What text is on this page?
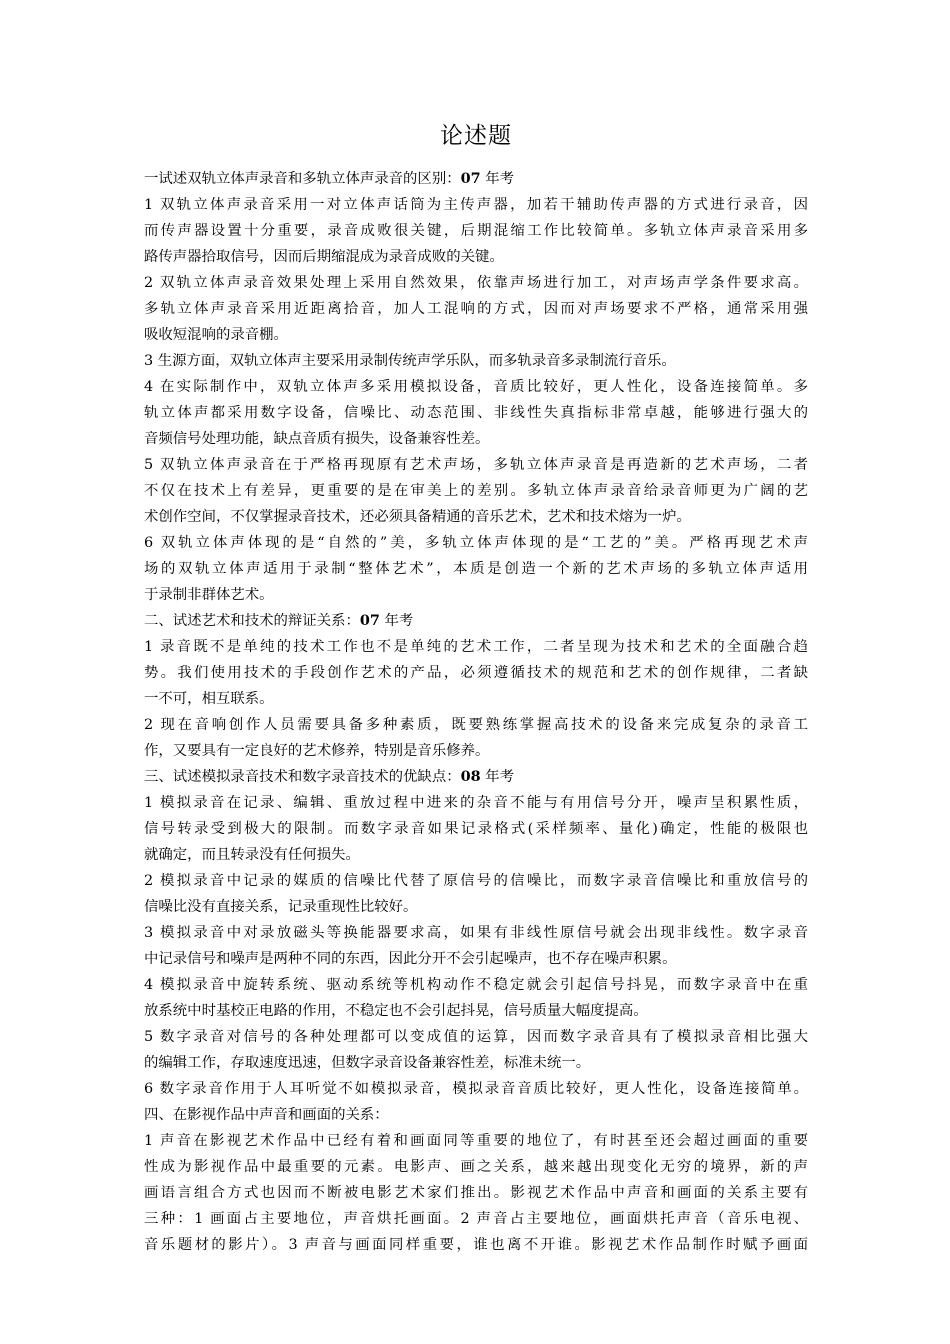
论述题
一试述双轨立体声录音和多轨立体声录音的区别：07 年考
1 双轨立体声录音采用一对立体声话筒为主传声器，加若干辅助传声器的方式进行录音，因
而传声器设置十分重要，录音成败很关键，后期混缩工作比较简单。多轨立体声录音采用多
路传声器拾取信号，因而后期缩混成为录音成败的关键。
2 双轨立体声录音效果处理上采用自然效果，依靠声场进行加工，对声场声学条件要求高。
多轨立体声录音采用近距离拾音，加人工混响的方式，因而对声场要求不严格，通常采用强
吸收短混响的录音棚。
3 生源方面，双轨立体声主要采用录制传统声学乐队，而多轨录音多录制流行音乐。
4 在实际制作中，双轨立体声多采用模拟设备，音质比较好，更人性化，设备连接简单。多
轨立体声都采用数字设备，信噪比、动态范围、非线性失真指标非常卓越，能够进行强大的
音频信号处理功能，缺点音质有损失，设备兼容性差。
5 双轨立体声录音在于严格再现原有艺术声场，多轨立体声录音是再造新的艺术声场，二者
不仅在技术上有差异，更重要的是在审美上的差别。多轨立体声录音给录音师更为广阔的艺
术创作空间，不仅掌握录音技术，还必须具备精通的音乐艺术，艺术和技术熔为一炉。
6 双轨立体声体现的是“自然的”美，多轨立体声体现的是“工艺的”美。严格再现艺术声
场的双轨立体声适用于录制“整体艺术”，本质是创造一个新的艺术声场的多轨立体声适用
于录制非群体艺术。
二、试述艺术和技术的辩证关系：07 年考
1 录音既不是单纯的技术工作也不是单纯的艺术工作，二者呈现为技术和艺术的全面融合趋
势。我们使用技术的手段创作艺术的产品，必须遵循技术的规范和艺术的创作规律，二者缺
一不可，相互联系。
2 现在音响创作人员需要具备多种素质，既要熟练掌握高技术的设备来完成复杂的录音工
作，又要具有一定良好的艺术修养，特别是音乐修养。
三、试述模拟录音技术和数字录音技术的优缺点：08 年考
1 模拟录音在记录、编辑、重放过程中进来的杂音不能与有用信号分开，噪声呈积累性质，
信号转录受到极大的限制。而数字录音如果记录格式(采样频率、量化)确定，性能的极限也
就确定，而且转录没有任何损失。
2 模拟录音中记录的媒质的信噪比代替了原信号的信噪比，而数字录音信噪比和重放信号的
信噪比没有直接关系，记录重现性比较好。
3 模拟录音中对录放磁头等换能器要求高，如果有非线性原信号就会出现非线性。数字录音
中记录信号和噪声是两种不同的东西，因此分开不会引起噪声，也不存在噪声积累。
4 模拟录音中旋转系统、驱动系统等机构动作不稳定就会引起信号抖晃，而数字录音中在重
放系统中时基校正电路的作用，不稳定也不会引起抖晃，信号质量大幅度提高。
5 数字录音对信号的各种处理都可以变成值的运算，因而数字录音具有了模拟录音相比强大
的编辑工作，存取速度迅速，但数字录音设备兼容性差，标准未统一。
6 数字录音作用于人耳听觉不如模拟录音，模拟录音音质比较好，更人性化，设备连接简单。
四、在影视作品中声音和画面的关系：
1 声音在影视艺术作品中已经有着和画面同等重要的地位了，有时甚至还会超过画面的重要
性成为影视作品中最重要的元素。电影声、画之关系，越来越出现变化无穷的境界，新的声
画语言组合方式也因而不断被电影艺术家们推出。影视艺术作品中声音和画面的关系主要有
三种：1 画面占主要地位，声音烘托画面。2 声音占主要地位，画面烘托声音（音乐电视、
音乐题材的影片）。3 声音与画面同样重要，谁也离不开谁。影视艺术作品制作时赋予画面
